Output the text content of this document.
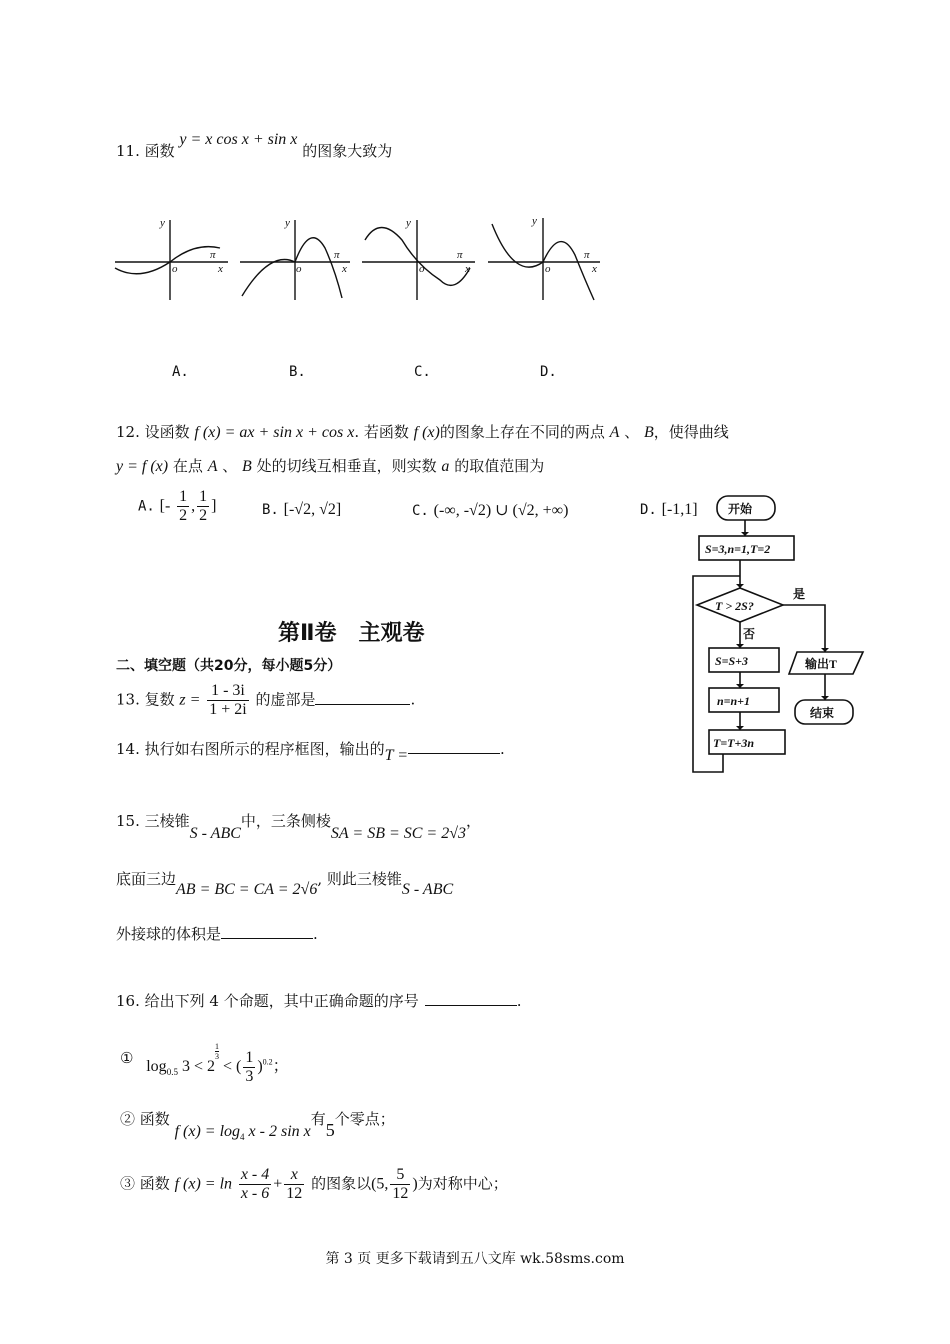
11. 函数 y = x cos x + sin x 的图象大致为
y
o
π
x
y
o
π
x
y
o
π
x
y
o
π
x
A.	B.	C.	D.
12. 设函数 f (x) = ax + sin x + cos x. 若函数 f (x)的图象上存在不同的两点 A 、 B，使得曲线
y = f (x) 在点 A 、 B 处的切线互相垂直，则实数 a 的取值范围为
A. [- $\frac{1}{2}$ , $\frac{1}{2}$ ]	B. [-√2, √2]	C. (-∞, -√2) ∪ (√2, +∞)	D. [-1,1]
第Ⅱ卷　主观卷
二、填空题（共20分，每小题5分）
13. 复数 $z = \frac{1 - 3i}{1 + 2i}$ 的虚部是	.
14. 执行如右图所示的程序框图，输出的T =	.
开始
S=3,n=1,T=2
T > 2S?
是
否
S=S+3
n=n+1
T=T+3n
输出T
结束
15. 三棱锥S - ABC中，三条侧棱SA = SB = SC = 2√3，
底面三边AB = BC = CA = 2√6, 则此三棱锥S - ABC
外接球的体积是	.
16. 给出下列 4 个命题，其中正确命题的序号	.
① $\log_{0.5} 3 < 2$
$^{\frac{1}{3}}$
< ( $\frac{1}{3} )^{0.2}$；
② 函数 f $(x) = \log_4 x - 2$ sin x有5个零点；
③ 函数 f $(x) = \ln \frac{x - 4}{x - 6} + \frac{x}{12}$ 的图象以(5, $\frac{5}{12}$ )为对称中心；
第 3 页 更多下载请到五八文库 wk.58sms.com
